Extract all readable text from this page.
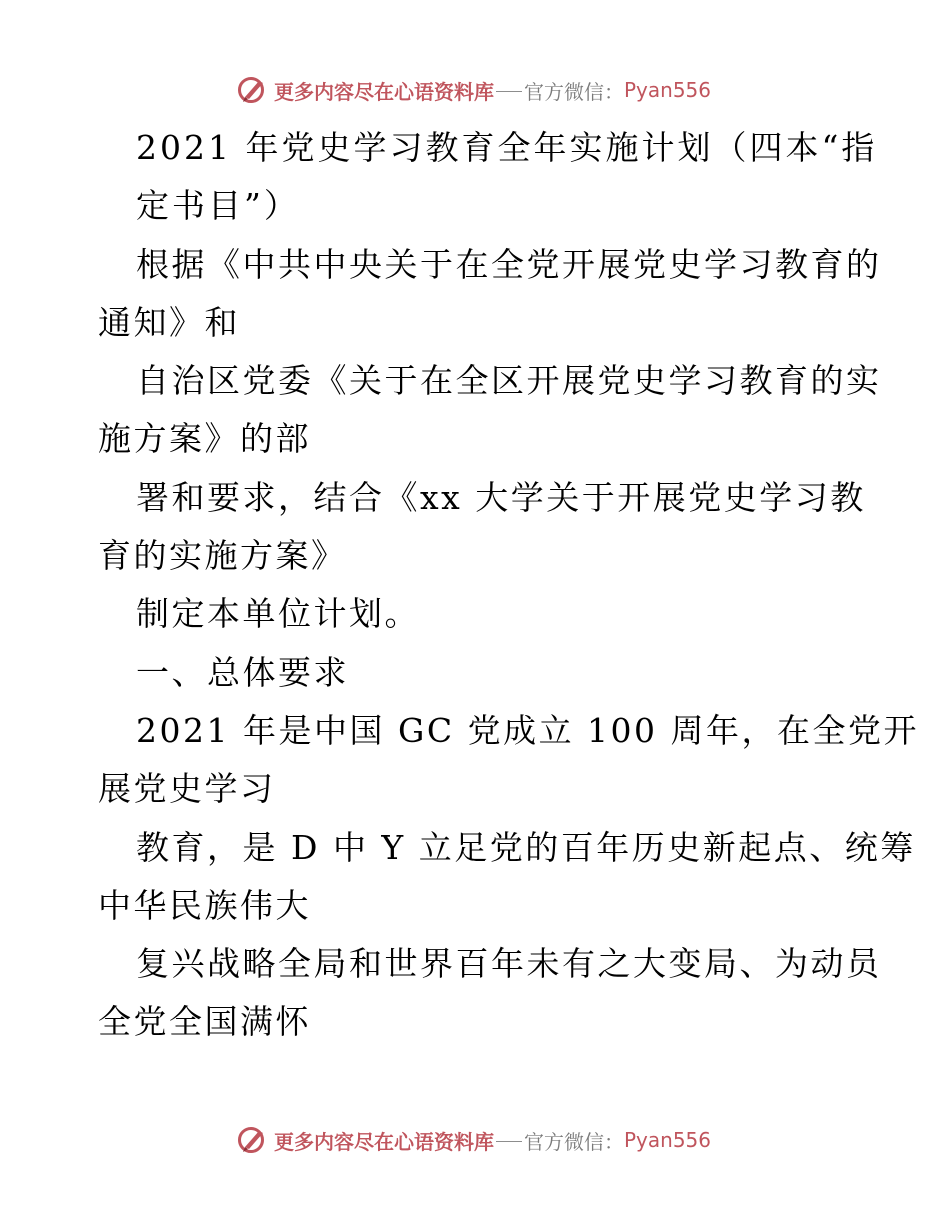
更多内容尽在心语资料库 官方微信： Pyan556
2021 年党史学习教育全年实施计划（四本“指
定书目”）
根据《中共中央关于在全党开展党史学习教育的
通知》和
自治区党委《关于在全区开展党史学习教育的实
施方案》的部
署和要求，结合《xx 大学关于开展党史学习教
育的实施方案》
制定本单位计划。
一、总体要求
2021 年是中国 GC 党成立 100 周年，在全党开
展党史学习
教育，是 D 中 Y 立足党的百年历史新起点、统筹
中华民族伟大
复兴战略全局和世界百年未有之大变局、为动员
全党全国满怀
更多内容尽在心语资料库 官方微信： Pyan556
